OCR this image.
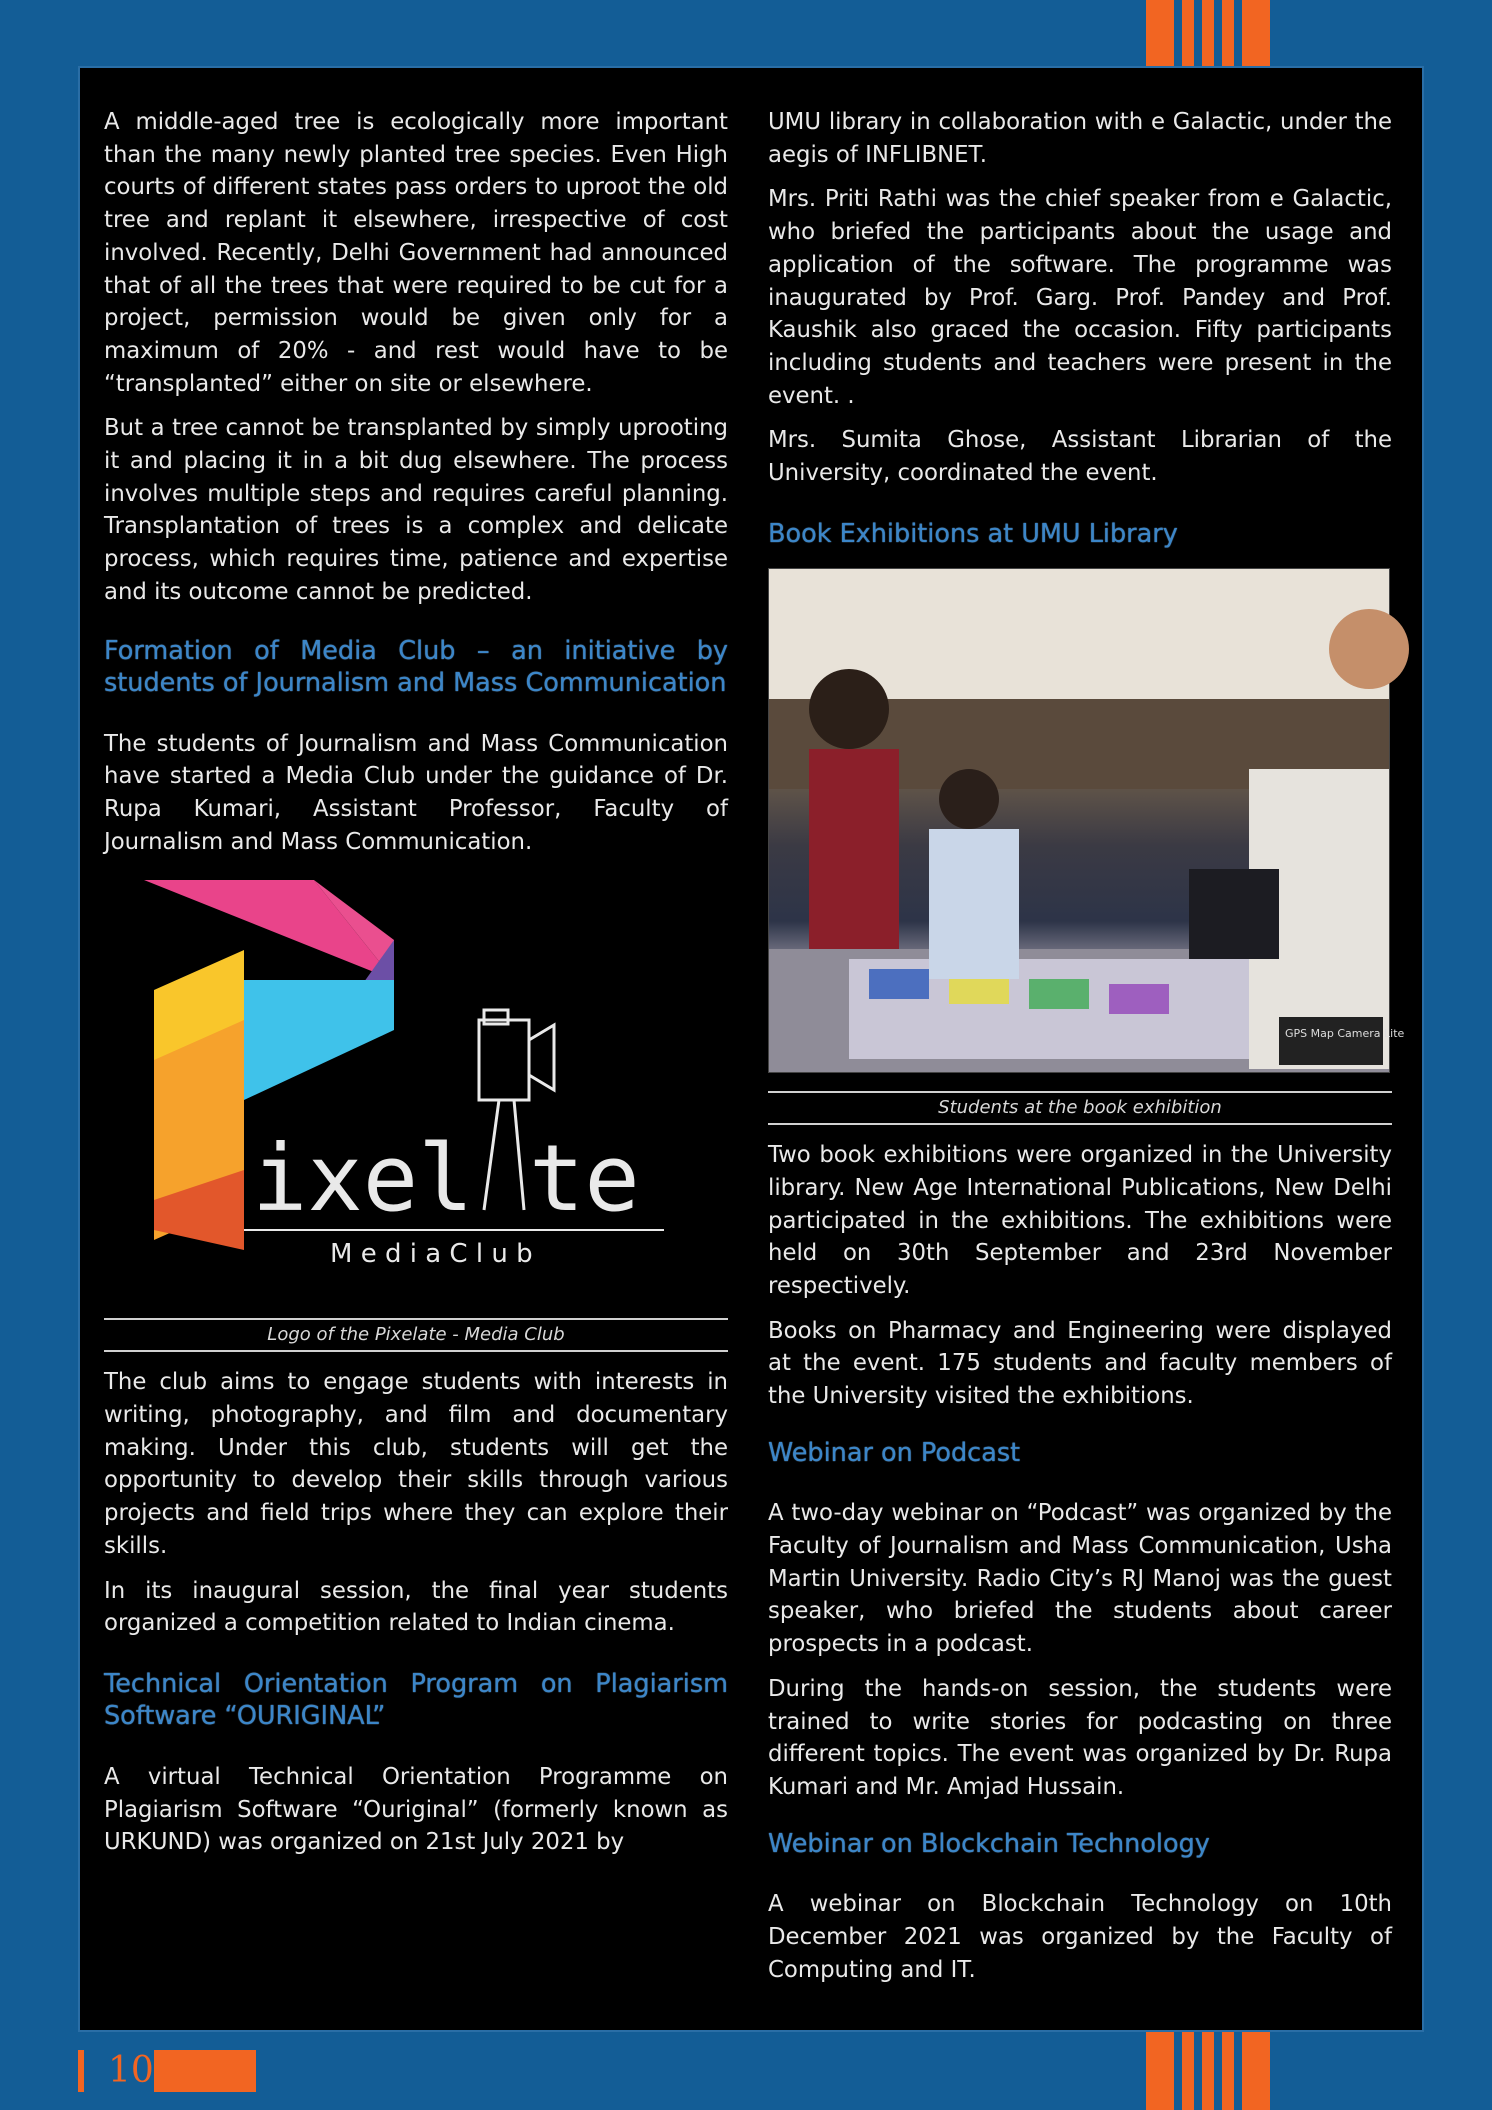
A middle-aged tree is ecologically more important than the many newly planted tree species. Even High courts of different states pass orders to uproot the old tree and replant it elsewhere, irrespective of cost involved. Recently, Delhi Government had announced that of all the trees that were required to be cut for a project, permission would be given only for a maximum of 20% - and rest would have to be “transplanted” either on site or elsewhere.

But a tree cannot be transplanted by simply uprooting it and placing it in a bit dug elsewhere. The process involves multiple steps and requires careful planning. Transplantation of trees is a complex and delicate process, which requires time, patience and expertise and its outcome cannot be predicted.

Formation of Media Club – an initiative by students of Journalism and Mass Communication

The students of Journalism and Mass Communication have started a Media Club under the guidance of Dr. Rupa Kumari, Assistant Professor, Faculty of Journalism and Mass Communication.

ixel te
M e d i a C l u b
Logo of the Pixelate - Media Club

The club aims to engage students with interests in writing, photography, and film and documentary making. Under this club, students will get the opportunity to develop their skills through various projects and field trips where they can explore their skills.

In its inaugural session, the final year students organized a competition related to Indian cinema.

Technical Orientation Program on Plagiarism Software “OURIGINAL”

A virtual Technical Orientation Programme on Plagiarism Software “Ouriginal” (formerly known as URKUND) was organized on 21st July 2021 by

UMU library in collaboration with e Galactic, under the aegis of INFLIBNET.

Mrs. Priti Rathi was the chief speaker from e Galactic, who briefed the participants about the usage and application of the software. The programme was inaugurated by Prof. Garg. Prof. Pandey and Prof. Kaushik also graced the occasion. Fifty participants including students and teachers were present in the event. .

Mrs. Sumita Ghose, Assistant Librarian of the University, coordinated the event.

Book Exhibitions at UMU Library
GPS Map Camera Lite
Students at the book exhibition

Two book exhibitions were organized in the University library. New Age International Publications, New Delhi participated in the exhibitions. The exhibitions were held on 30th September and 23rd November respectively.

Books on Pharmacy and Engineering were displayed at the event. 175 students and faculty members of the University visited the exhibitions.

Webinar on Podcast

A two-day webinar on “Podcast” was organized by the Faculty of Journalism and Mass Communication, Usha Martin University. Radio City’s RJ Manoj was the guest speaker, who briefed the students about career prospects in a podcast.

During the hands-on session, the students were trained to write stories for podcasting on three different topics. The event was organized by Dr. Rupa Kumari and Mr. Amjad Hussain.

Webinar on Blockchain Technology

A webinar on Blockchain Technology on 10th December 2021 was organized by the Faculty of Computing and IT.

10
